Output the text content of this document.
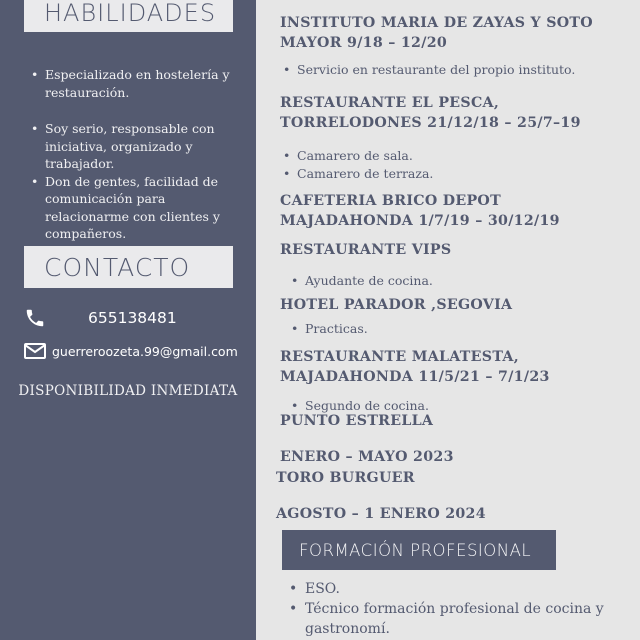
HABILIDADES
• Especializado en hostelería y restauración.
• Soy serio, responsable con iniciativa, organizado y trabajador.
• Don de gentes, facilidad de comunicación para relacionarme con clientes y compañeros.
CONTACTO
655138481
guerreroozeta.99@gmail.com
DISPONIBILIDAD INMEDIATA
INSTITUTO MARIA DE ZAYAS Y SOTO
MAYOR 9/18 – 12/20
• Servicio en restaurante del propio instituto.
RESTAURANTE EL PESCA,
TORRELODONES 21/12/18 – 25/7–19
• Camarero de sala.
• Camarero de terraza.
CAFETERIA BRICO DEPOT
MAJADAHONDA 1/7/19 – 30/12/19
RESTAURANTE VIPS
• Ayudante de cocina.
HOTEL PARADOR ,SEGOVIA
• Practicas.
RESTAURANTE MALATESTA,
MAJADAHONDA 11/5/21 – 7/1/23
• Segundo de cocina.
PUNTO ESTRELLA
ENERO – MAYO 2023
TORO BURGUER
AGOSTO – 1 ENERO 2024
FORMACIÓN PROFESIONAL
• ESO.
• Técnico formación profesional de cocina y gastronomí.
